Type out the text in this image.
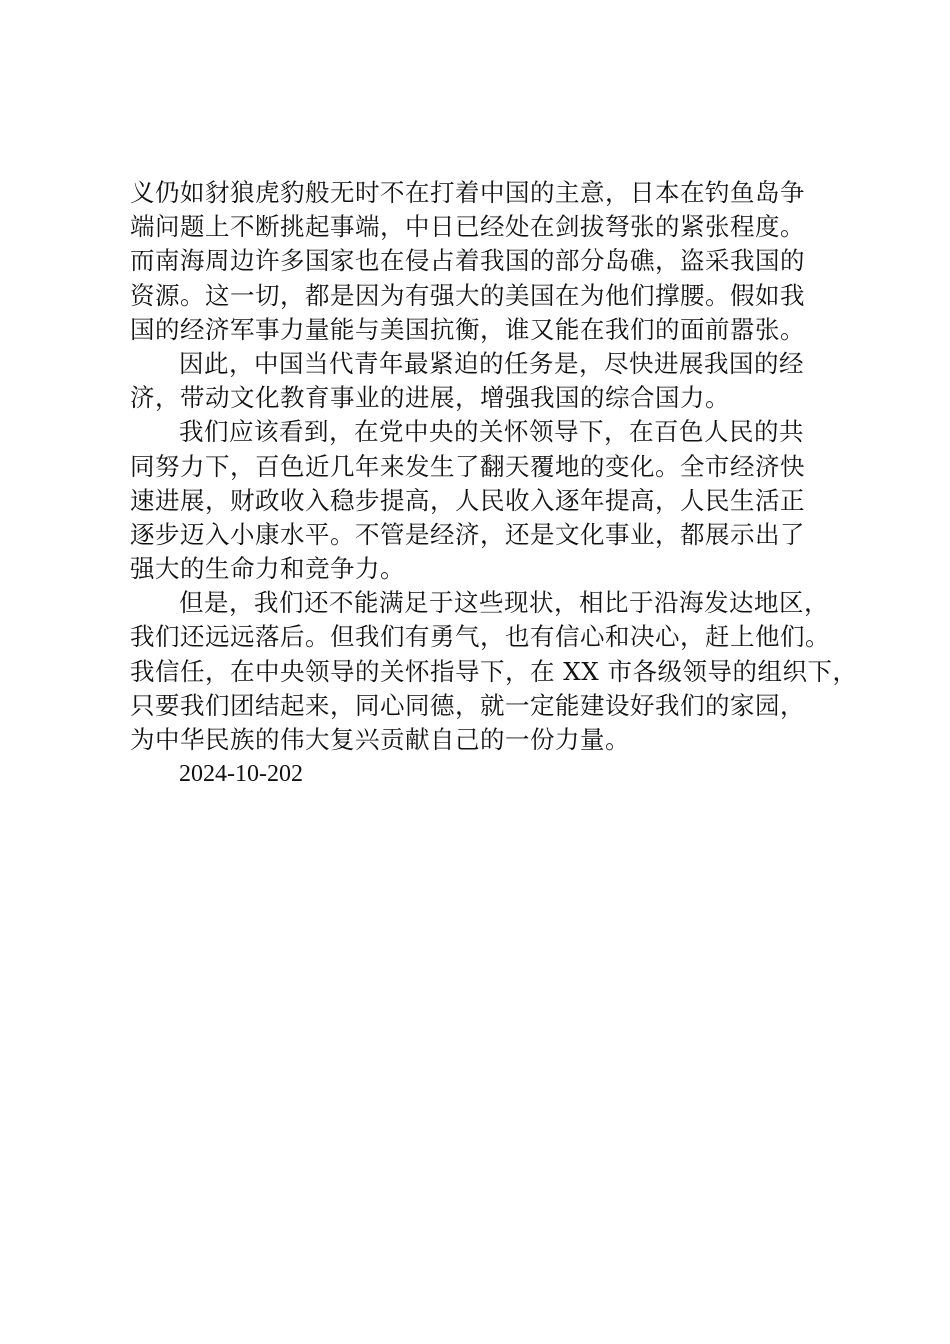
义仍如豺狼虎豹般无时不在打着中国的主意，日本在钓鱼岛争
端问题上不断挑起事端，中日已经处在剑拔弩张的紧张程度。
而南海周边许多国家也在侵占着我国的部分岛礁，盗采我国的
资源。这一切，都是因为有强大的美国在为他们撑腰。假如我
国的经济军事力量能与美国抗衡，谁又能在我们的面前嚣张。
因此，中国当代青年最紧迫的任务是，尽快进展我国的经
济，带动文化教育事业的进展，增强我国的综合国力。
我们应该看到，在党中央的关怀领导下，在百色人民的共
同努力下，百色近几年来发生了翻天覆地的变化。全市经济快
速进展，财政收入稳步提高，人民收入逐年提高，人民生活正
逐步迈入小康水平。不管是经济，还是文化事业，都展示出了
强大的生命力和竞争力。
但是，我们还不能满足于这些现状，相比于沿海发达地区，
我们还远远落后。但我们有勇气，也有信心和决心，赶上他们。
我信任，在中央领导的关怀指导下，在 XX 市各级领导的组织下，
只要我们团结起来，同心同德，就一定能建设好我们的家园，
为中华民族的伟大复兴贡献自己的一份力量。
2024-10-202
